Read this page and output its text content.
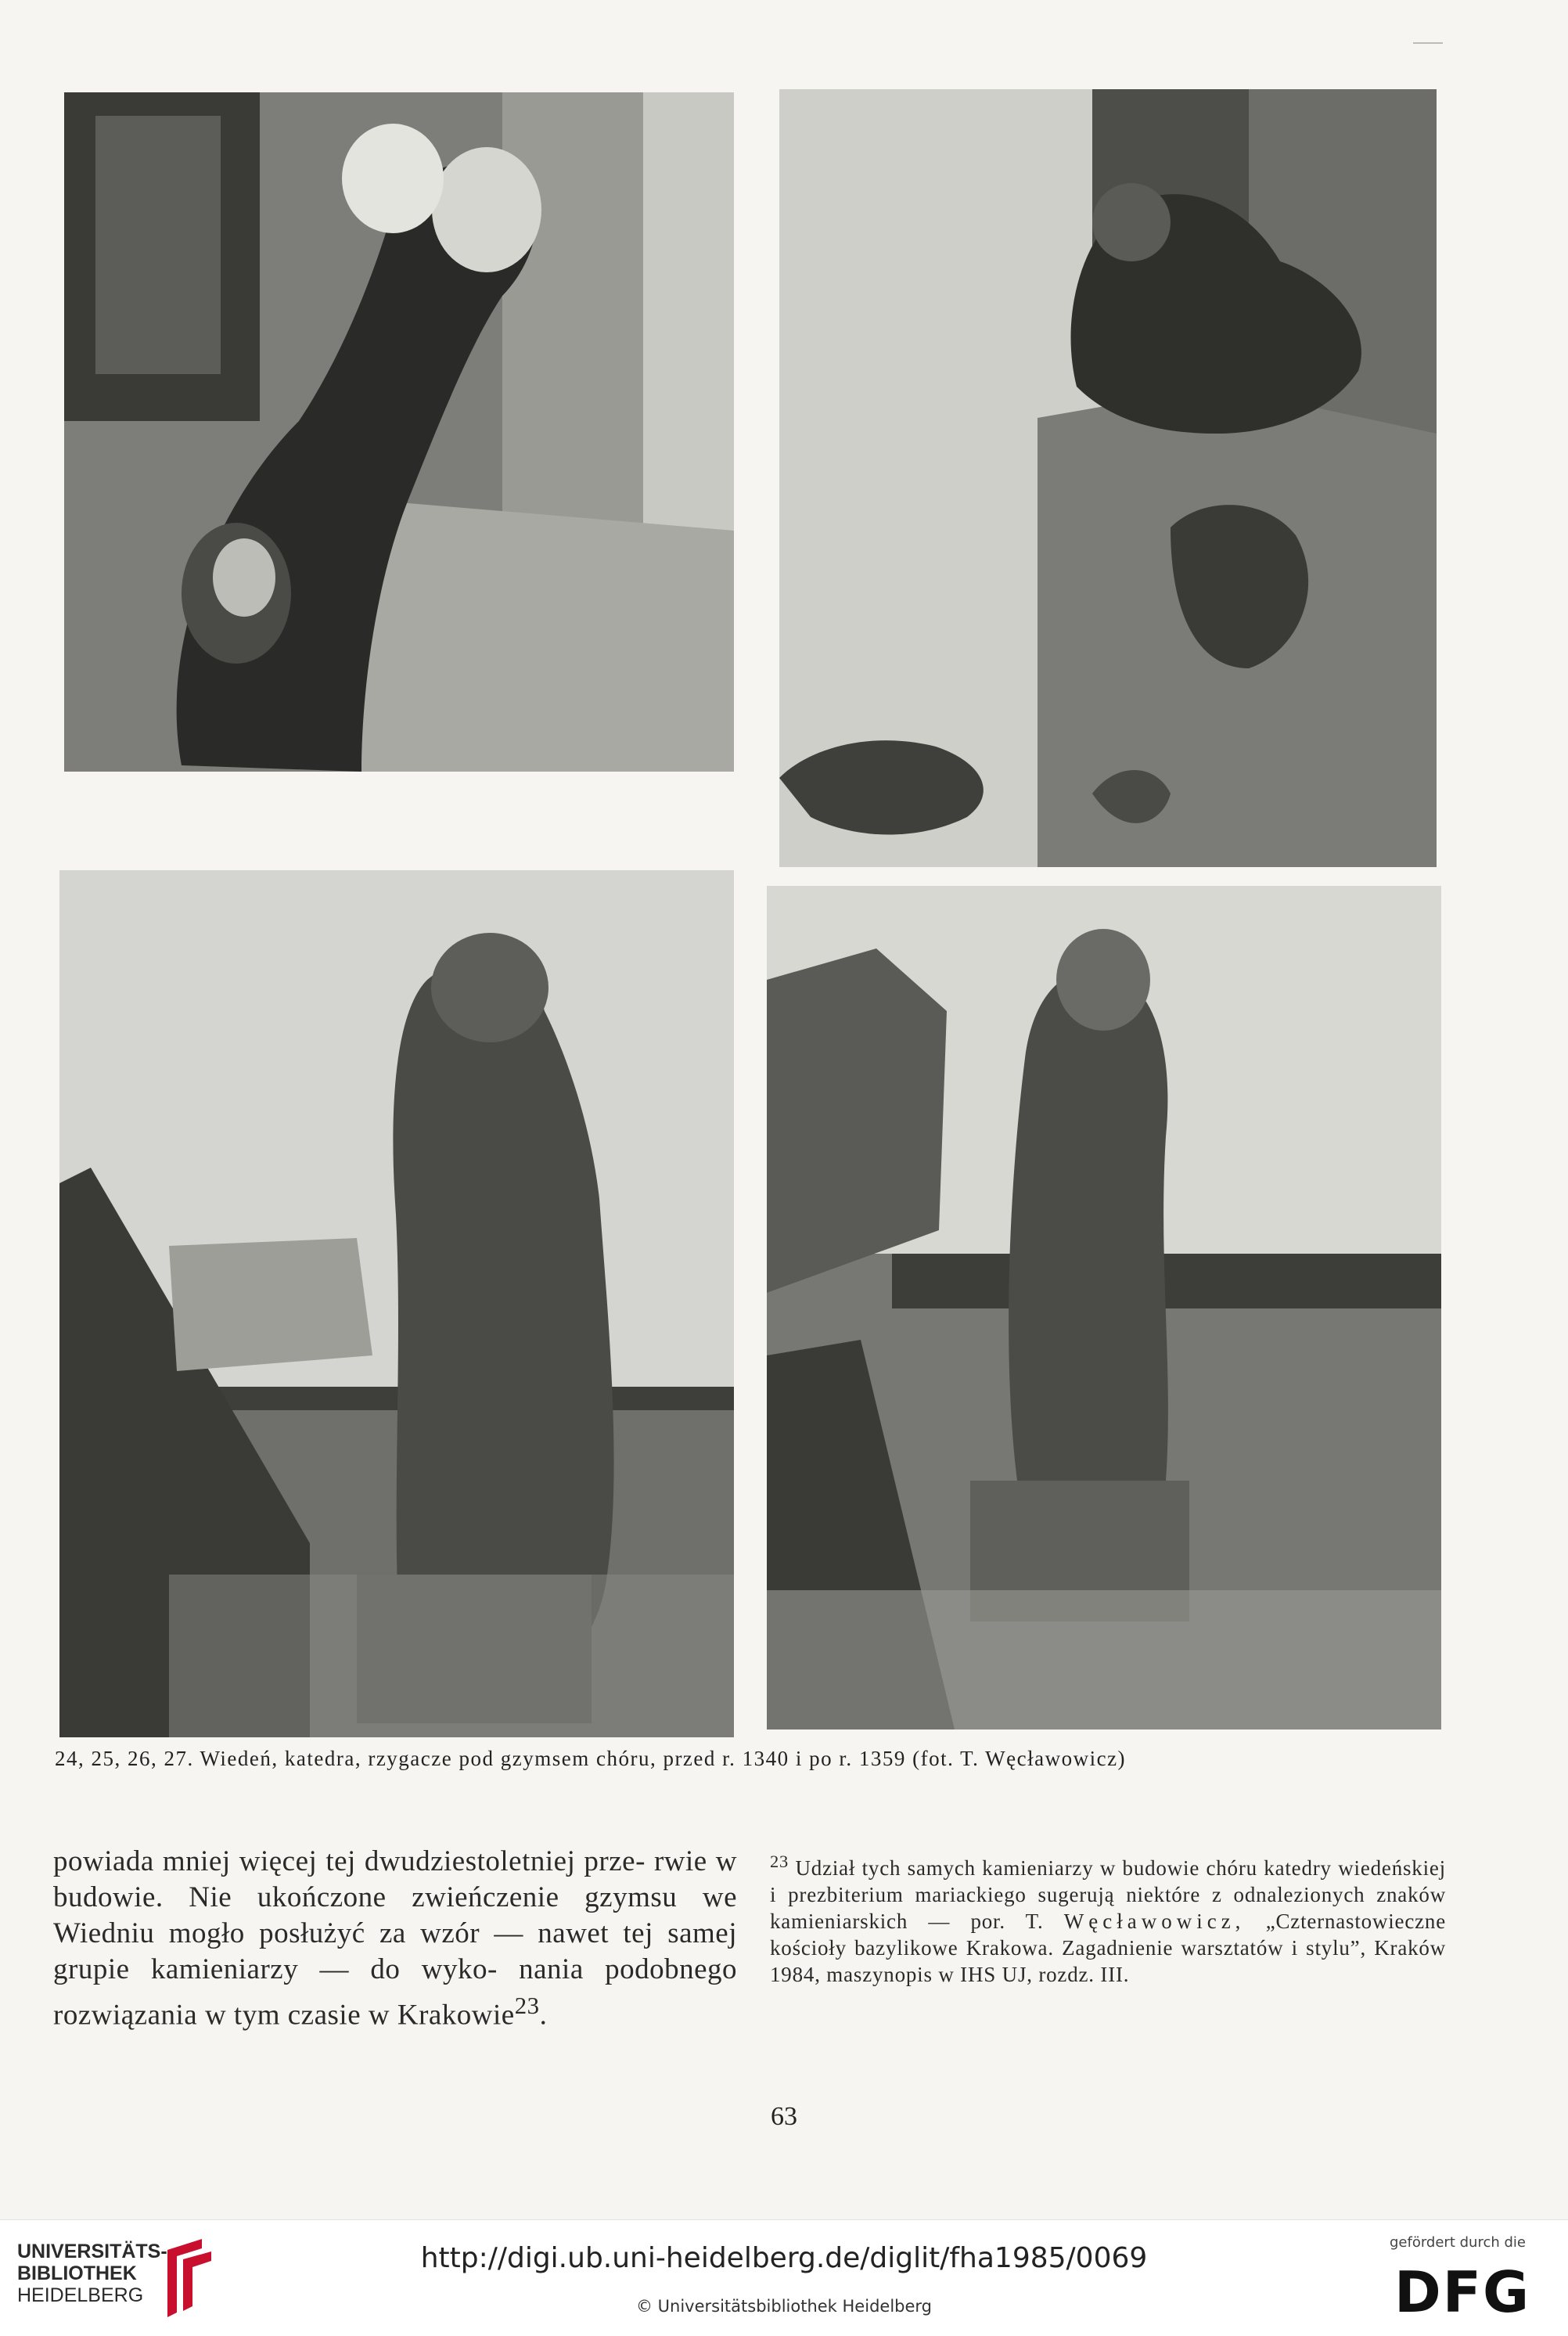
24, 25, 26, 27. Wiedeń, katedra, rzygacze pod gzymsem chóru, przed r. 1340 i po r. 1359 (fot. T. Węcławowicz)
powiada mniej więcej tej dwudziestoletniej prze- rwie w budowie. Nie ukończone zwieńczenie gzymsu we Wiedniu mogło posłużyć za wzór — nawet tej samej grupie kamieniarzy — do wyko- nania podobnego rozwiązania w tym czasie w Krakowie$^{23}$.
$^{23}$ Udział tych samych kamieniarzy w budowie chóru katedry wiedeńskiej i prezbiterium mariackiego sugerują niektóre z odnalezionych znaków kamieniarskich — por. T. Węcławowicz, „Czternastowieczne kościoły bazylikowe Krakowa. Zagadnienie warsztatów i stylu”, Kraków 1984, maszynopis w IHS UJ, rozdz. III.
63
UNIVERSITÄTS-
BIBLIOTHEK
HEIDELBERG
http://digi.ub.uni-heidelberg.de/diglit/fha1985/0069
© Universitätsbibliothek Heidelberg
gefördert durch die
DFG
